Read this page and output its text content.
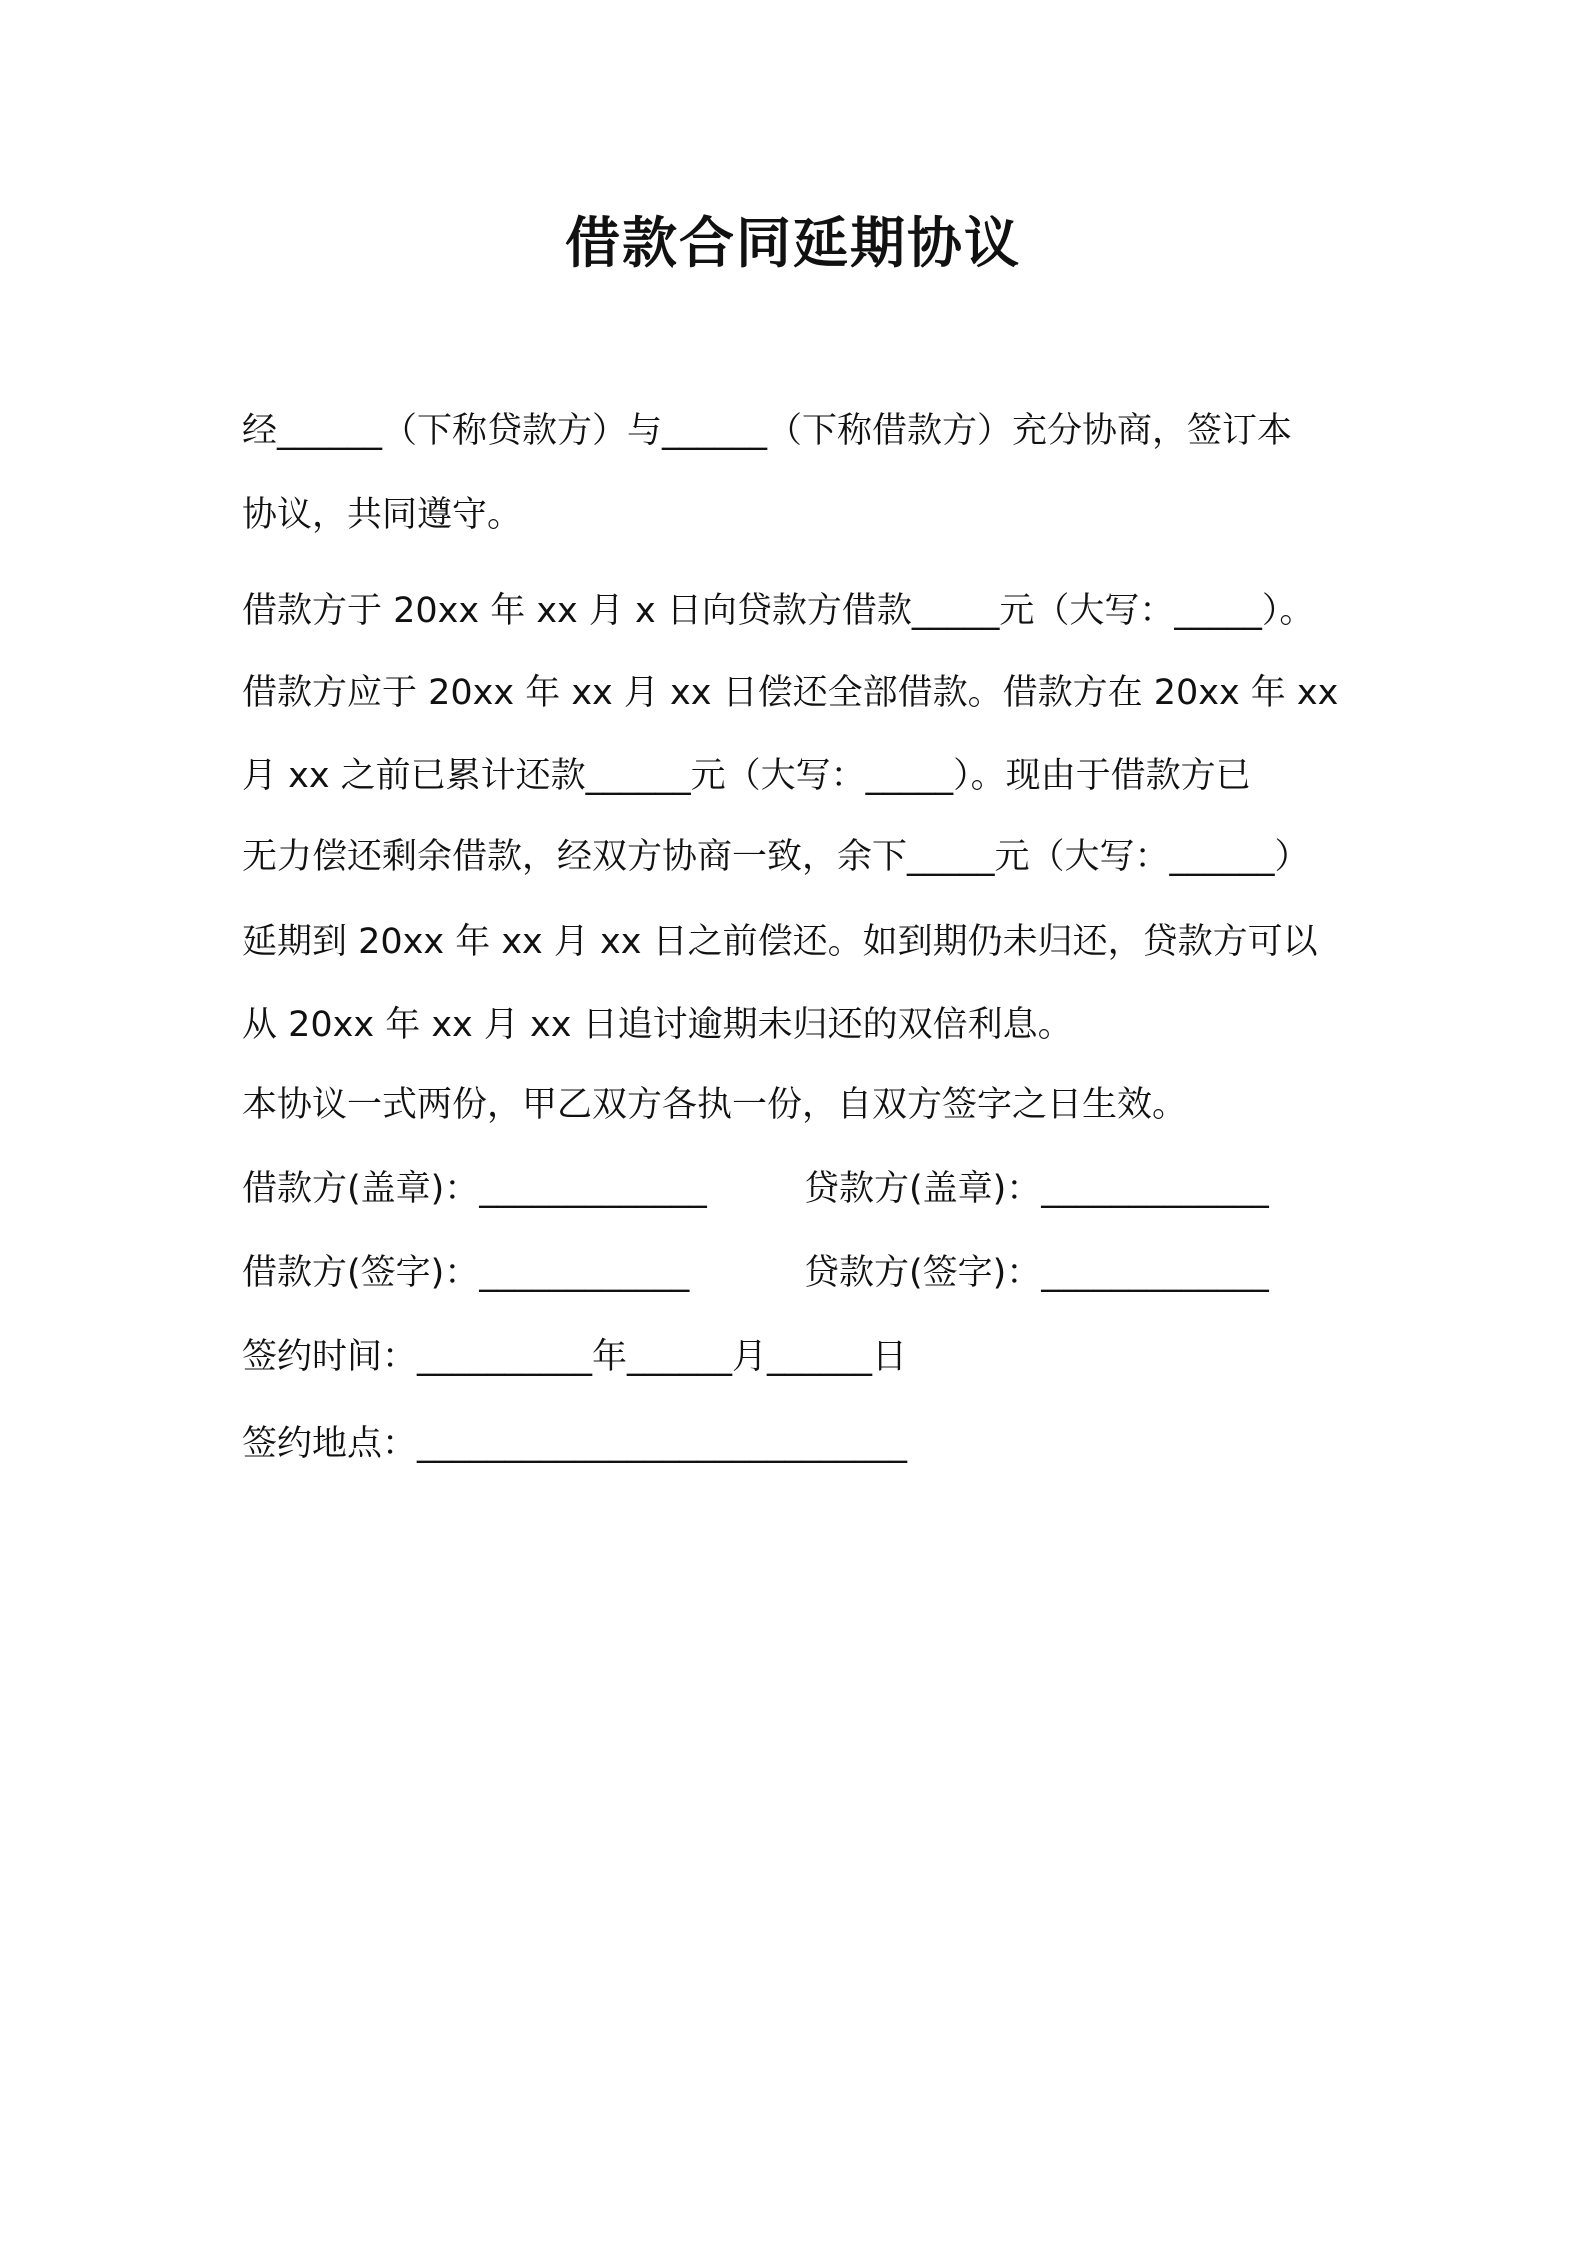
借款合同延期协议
经______（下称贷款方）与______（下称借款方）充分协商，签订本
协议，共同遵守。
借款方于 20xx 年 xx 月 x 日向贷款方借款_____元（大写：_____）。
借款方应于 20xx 年 xx 月 xx 日偿还全部借款。借款方在 20xx 年 xx
月 xx 之前已累计还款______元（大写：_____）。现由于借款方已
无力偿还剩余借款，经双方协商一致，余下_____元（大写：______）
延期到 20xx 年 xx 月 xx 日之前偿还。如到期仍未归还，贷款方可以
从 20xx 年 xx 月 xx 日追讨逾期未归还的双倍利息。
本协议一式两份，甲乙双方各执一份，自双方签字之日生效。
借款方(盖章)：_____________	贷款方(盖章)：_____________
借款方(签字)：____________	贷款方(签字)：_____________
签约时间：__________年______月______日
签约地点：____________________________
